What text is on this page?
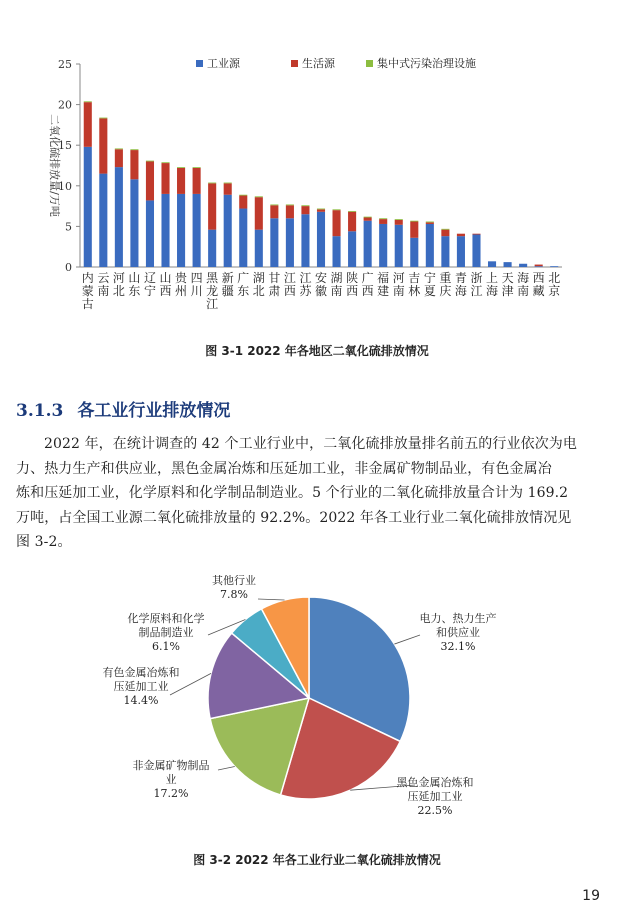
0
5
10
15
20
25
二氧化硫排放量/万吨
内
蒙
古
云
南
河
北
山
东
辽
宁
山
西
贵
州
四
川
黑
龙
江
新
疆
广
东
湖
北
甘
肃
江
西
江
苏
安
徽
湖
南
陕
西
广
西
福
建
河
南
吉
林
宁
夏
重
庆
青
海
浙
江
上
海
天
津
海
南
西
藏
北
京
工业源	生活源	集中式污染治理设施
图 3-1 2022 年各地区二氧化硫排放情况
3.1.3 各工业行业排放情况

2022 年，在统计调查的 42 个工业行业中，二氧化硫排放量排名前五的行业依次为电

力、热力生产和供应业，黑色金属冶炼和压延加工业，非金属矿物制品业，有色金属冶

炼和压延加工业，化学原料和化学制品制造业。5 个行业的二氧化硫排放量合计为 169.2

万吨，占全国工业源二氧化硫排放量的 92.2%。2022 年各工业行业二氧化硫排放情况见

图 3-2。

电力、热力生产
和供应业
32.1%
黑色金属冶炼和
压延加工业
22.5%
非金属矿物制品
业
17.2%
有色金属冶炼和
压延加工业
14.4%
化学原料和化学
制品制造业
6.1%
其他行业
7.8%
图 3-2 2022 年各工业行业二氧化硫排放情况
19
